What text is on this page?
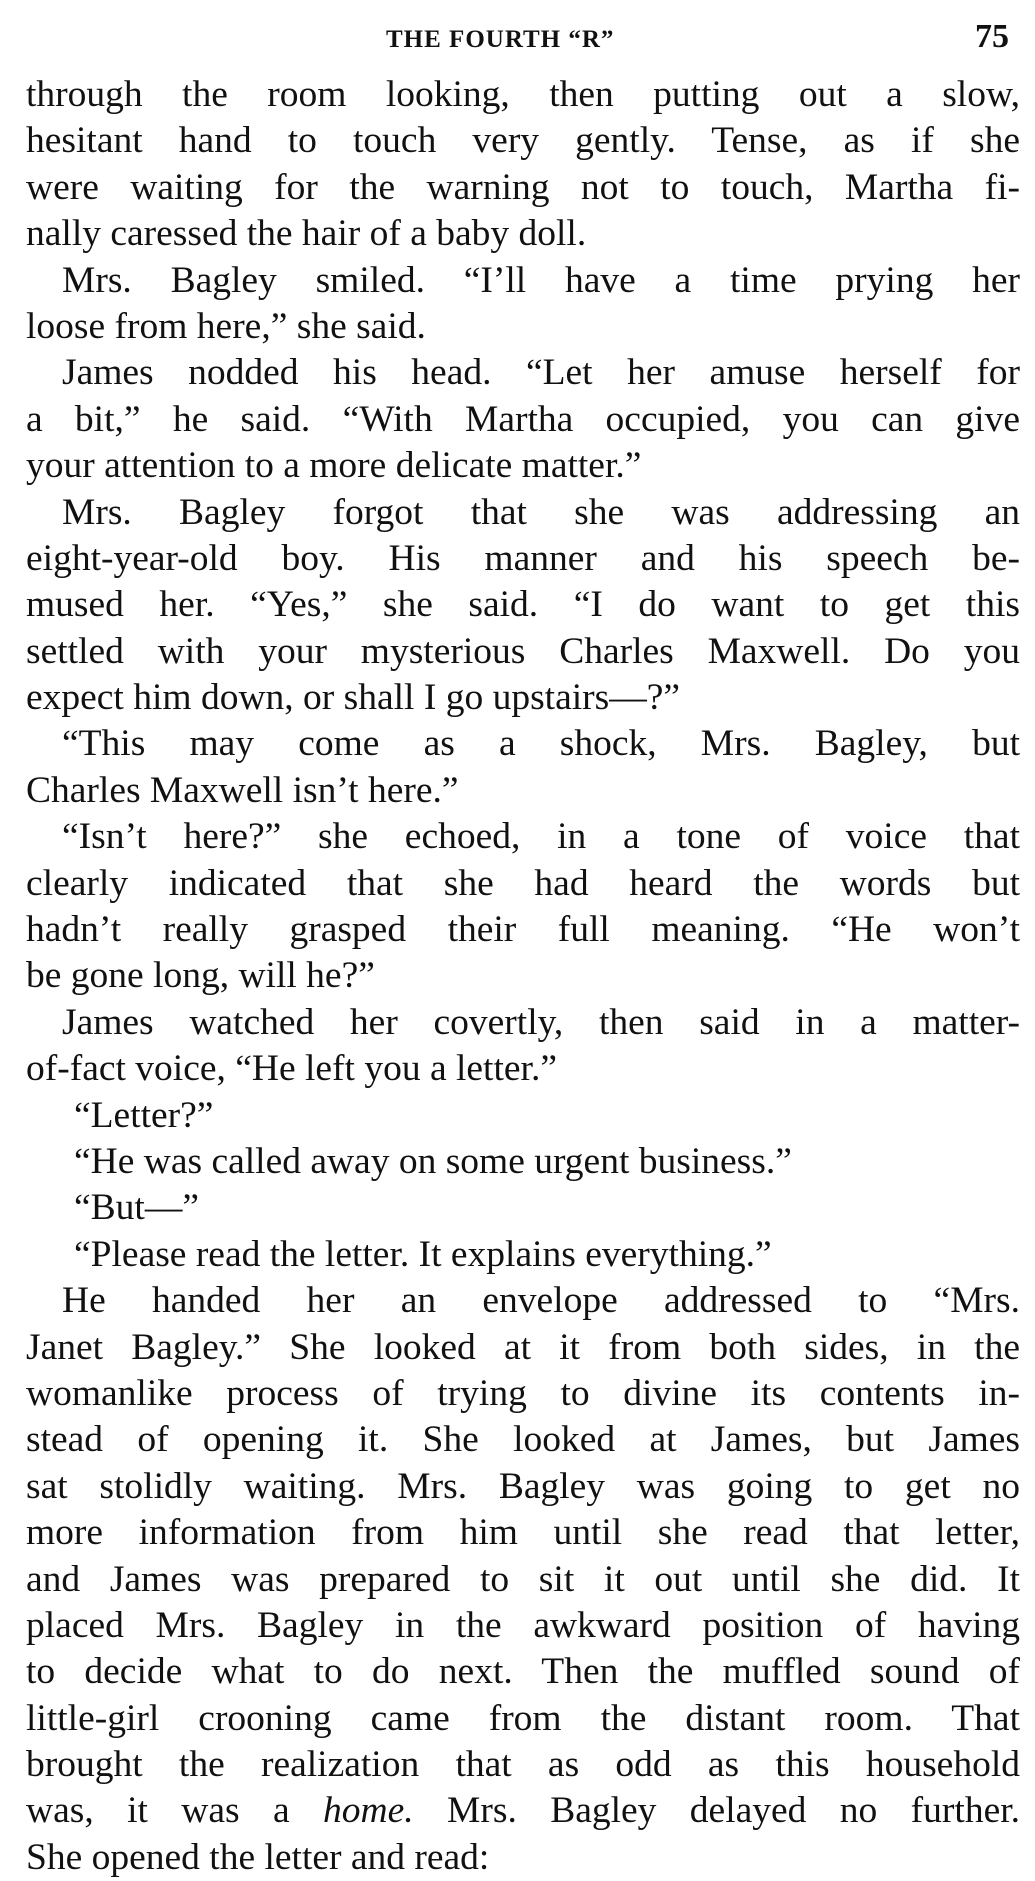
THE FOURTH “R”	75
through the room looking, then putting out a slow,
hesitant hand to touch very gently. Tense, as if she
were waiting for the warning not to touch, Martha fi-
nally caressed the hair of a baby doll.
Mrs. Bagley smiled. “I’ll have a time prying her
loose from here,” she said.
James nodded his head. “Let her amuse herself for
a bit,” he said. “With Martha occupied, you can give
your attention to a more delicate matter.”
Mrs. Bagley forgot that she was addressing an
eight-year-old boy. His manner and his speech be-
mused her. “Yes,” she said. “I do want to get this
settled with your mysterious Charles Maxwell. Do you
expect him down, or shall I go upstairs—?”
“This may come as a shock, Mrs. Bagley, but
Charles Maxwell isn’t here.”
“Isn’t here?” she echoed, in a tone of voice that
clearly indicated that she had heard the words but
hadn’t really grasped their full meaning. “He won’t
be gone long, will he?”
James watched her covertly, then said in a matter-
of-fact voice, “He left you a letter.”
“Letter?”
“He was called away on some urgent business.”
“But—”
“Please read the letter. It explains everything.”
He handed her an envelope addressed to “Mrs.
Janet Bagley.” She looked at it from both sides, in the
womanlike process of trying to divine its contents in-
stead of opening it. She looked at James, but James
sat stolidly waiting. Mrs. Bagley was going to get no
more information from him until she read that letter,
and James was prepared to sit it out until she did. It
placed Mrs. Bagley in the awkward position of having
to decide what to do next. Then the muffled sound of
little-girl crooning came from the distant room. That
brought the realization that as odd as this household
was, it was a home. Mrs. Bagley delayed no further.
She opened the letter and read:
